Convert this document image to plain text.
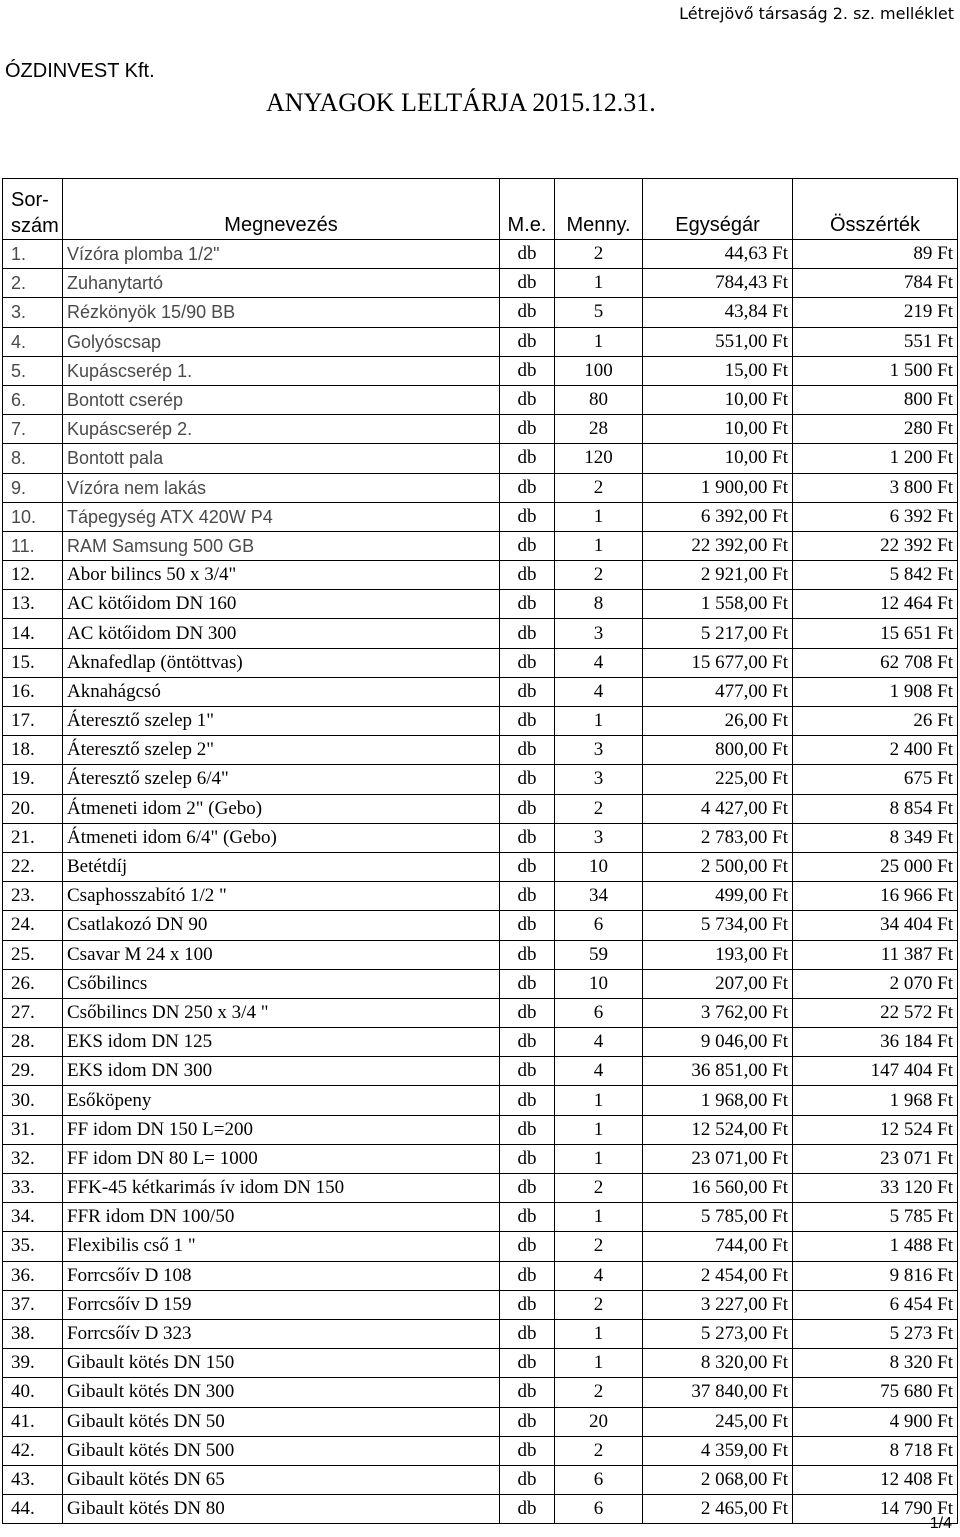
Létrejövő társaság 2. sz. melléklet
ÓZDINVEST Kft.
ANYAGOK LELTÁRJA 2015.12.31.
Sor-
szám	Megnevezés	M.e.	Menny.	Egységár	Összérték
1.	Vízóra plomba 1/2"	db	2	44,63 Ft	89 Ft
2.	Zuhanytartó	db	1	784,43 Ft	784 Ft
3.	Rézkönyök 15/90 BB	db	5	43,84 Ft	219 Ft
4.	Golyóscsap	db	1	551,00 Ft	551 Ft
5.	Kupáscserép 1.	db	100	15,00 Ft	1 500 Ft
6.	Bontott cserép	db	80	10,00 Ft	800 Ft
7.	Kupáscserép 2.	db	28	10,00 Ft	280 Ft
8.	Bontott pala	db	120	10,00 Ft	1 200 Ft
9.	Vízóra nem lakás	db	2	1 900,00 Ft	3 800 Ft
10.	Tápegység ATX 420W P4	db	1	6 392,00 Ft	6 392 Ft
11.	RAM Samsung 500 GB	db	1	22 392,00 Ft	22 392 Ft
12.	Abor bilincs 50 x 3/4"	db	2	2 921,00 Ft	5 842 Ft
13.	AC kötőidom DN 160	db	8	1 558,00 Ft	12 464 Ft
14.	AC kötőidom DN 300	db	3	5 217,00 Ft	15 651 Ft
15.	Aknafedlap (öntöttvas)	db	4	15 677,00 Ft	62 708 Ft
16.	Aknahágcsó	db	4	477,00 Ft	1 908 Ft
17.	Áteresztő szelep 1"	db	1	26,00 Ft	26 Ft
18.	Áteresztő szelep 2"	db	3	800,00 Ft	2 400 Ft
19.	Áteresztő szelep 6/4"	db	3	225,00 Ft	675 Ft
20.	Átmeneti idom 2" (Gebo)	db	2	4 427,00 Ft	8 854 Ft
21.	Átmeneti idom 6/4" (Gebo)	db	3	2 783,00 Ft	8 349 Ft
22.	Betétdíj	db	10	2 500,00 Ft	25 000 Ft
23.	Csaphosszabító 1/2 "	db	34	499,00 Ft	16 966 Ft
24.	Csatlakozó DN 90	db	6	5 734,00 Ft	34 404 Ft
25.	Csavar M 24 x 100	db	59	193,00 Ft	11 387 Ft
26.	Csőbilincs	db	10	207,00 Ft	2 070 Ft
27.	Csőbilincs DN 250 x 3/4 "	db	6	3 762,00 Ft	22 572 Ft
28.	EKS idom DN 125	db	4	9 046,00 Ft	36 184 Ft
29.	EKS idom DN 300	db	4	36 851,00 Ft	147 404 Ft
30.	Esőköpeny	db	1	1 968,00 Ft	1 968 Ft
31.	FF idom DN 150 L=200	db	1	12 524,00 Ft	12 524 Ft
32.	FF idom DN 80 L= 1000	db	1	23 071,00 Ft	23 071 Ft
33.	FFK-45 kétkarimás ív idom DN 150	db	2	16 560,00 Ft	33 120 Ft
34.	FFR idom DN 100/50	db	1	5 785,00 Ft	5 785 Ft
35.	Flexibilis cső 1 "	db	2	744,00 Ft	1 488 Ft
36.	Forrcsőív D 108	db	4	2 454,00 Ft	9 816 Ft
37.	Forrcsőív D 159	db	2	3 227,00 Ft	6 454 Ft
38.	Forrcsőív D 323	db	1	5 273,00 Ft	5 273 Ft
39.	Gibault kötés DN 150	db	1	8 320,00 Ft	8 320 Ft
40.	Gibault kötés DN 300	db	2	37 840,00 Ft	75 680 Ft
41.	Gibault kötés DN 50	db	20	245,00 Ft	4 900 Ft
42.	Gibault kötés DN 500	db	2	4 359,00 Ft	8 718 Ft
43.	Gibault kötés DN 65	db	6	2 068,00 Ft	12 408 Ft
44.	Gibault kötés DN 80	db	6	2 465,00 Ft	14 790 Ft
1/4
